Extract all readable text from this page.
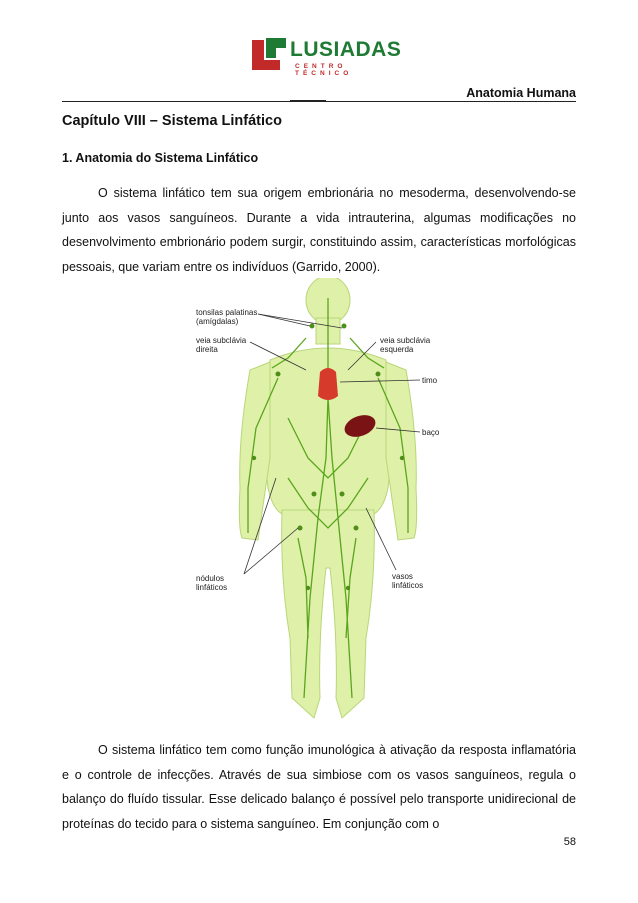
LUSIADAS
CENTRO TÉCNICO
Anatomia Humana
Capítulo VIII – Sistema Linfático
1. Anatomia do Sistema Linfático

O sistema linfático tem sua origem embrionária no mesoderma, desenvolvendo-se junto aos vasos sanguíneos. Durante a vida intrauterina, algumas modificações no desenvolvimento embrionário podem surgir, constituindo assim, características morfológicas pessoais, que variam entre os indivíduos (Garrido, 2000).

tonsilas palatinas
(amígdalas)
veia subclávia
direita
veia subclávia
esquerda
timo
baço
nódulos
linfáticos
vasos
linfáticos

O sistema linfático tem como função imunológica à ativação da resposta inflamatória e o controle de infecções. Através de sua simbiose com os vasos sanguíneos, regula o balanço do fluído tissular. Esse delicado balanço é possível pelo transporte unidirecional de proteínas do tecido para o sistema sanguíneo. Em conjunção com o

58
